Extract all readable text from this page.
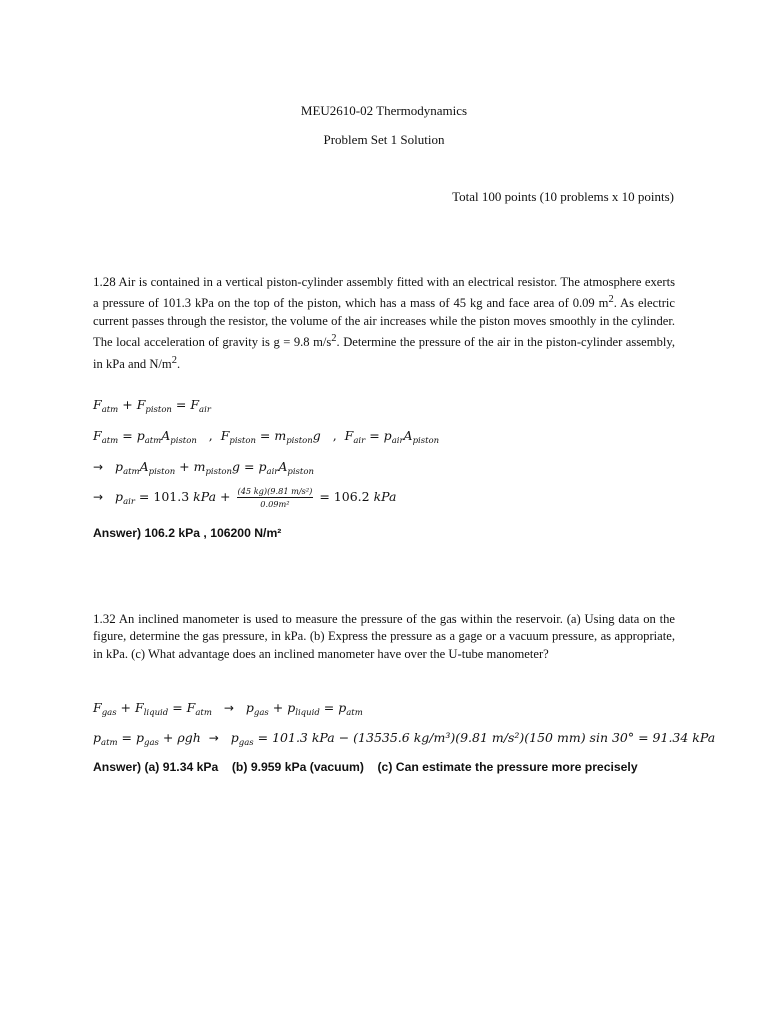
MEU2610-02 Thermodynamics
Problem Set 1 Solution
Total 100 points (10 problems x 10 points)
1.28 Air is contained in a vertical piston-cylinder assembly fitted with an electrical resistor. The atmosphere exerts a pressure of 101.3 kPa on the top of the piston, which has a mass of 45 kg and face area of 0.09 $m^2$. As electric current passes through the resistor, the volume of the air increases while the piston moves smoothly in the cylinder. The local acceleration of gravity is g = 9.8 $m/s^2$. Determine the pressure of the air in the piston-cylinder assembly, in kPa and $N/m^2$.
$F_{atm} + F_{piston} = F_{air}$
$F_{atm} = p_{atm}A_{piston}$ , $F_{piston} = m_{piston}g$ , $F_{air} = p_{air}A_{piston}$
→ $p_{atm}A_{piston} + m_{piston}g = p_{air}A_{piston}$
→ $p_{air} = 101.3$ kPa + $\frac{\text{(45 kg)(9.81 m/s²)}}{\text{0.09m²}} = 106.2$ kPa
Answer) 106.2 kPa , 106200 N/m²
1.32 An inclined manometer is used to measure the pressure of the gas within the reservoir. (a) Using data on the figure, determine the gas pressure, in kPa. (b) Express the pressure as a gage or a vacuum pressure, as appropriate, in kPa. (c) What advantage does an inclined manometer have over the U-tube manometer?
$F_{gas} + F_{liquid} = F_{atm} \to p_{gas} + p_{liquid} = p_{atm}$
$p_{atm} = p_{gas} + \rho gh \to p_{gas} = 101.3$ kPa − (13535.6 kg/m³)(9.81 m/s²)(150 mm) sin 30° = 91.34 kPa
Answer) (a) 91.34 kPa    (b) 9.959 kPa (vacuum)    (c) Can estimate the pressure more precisely
